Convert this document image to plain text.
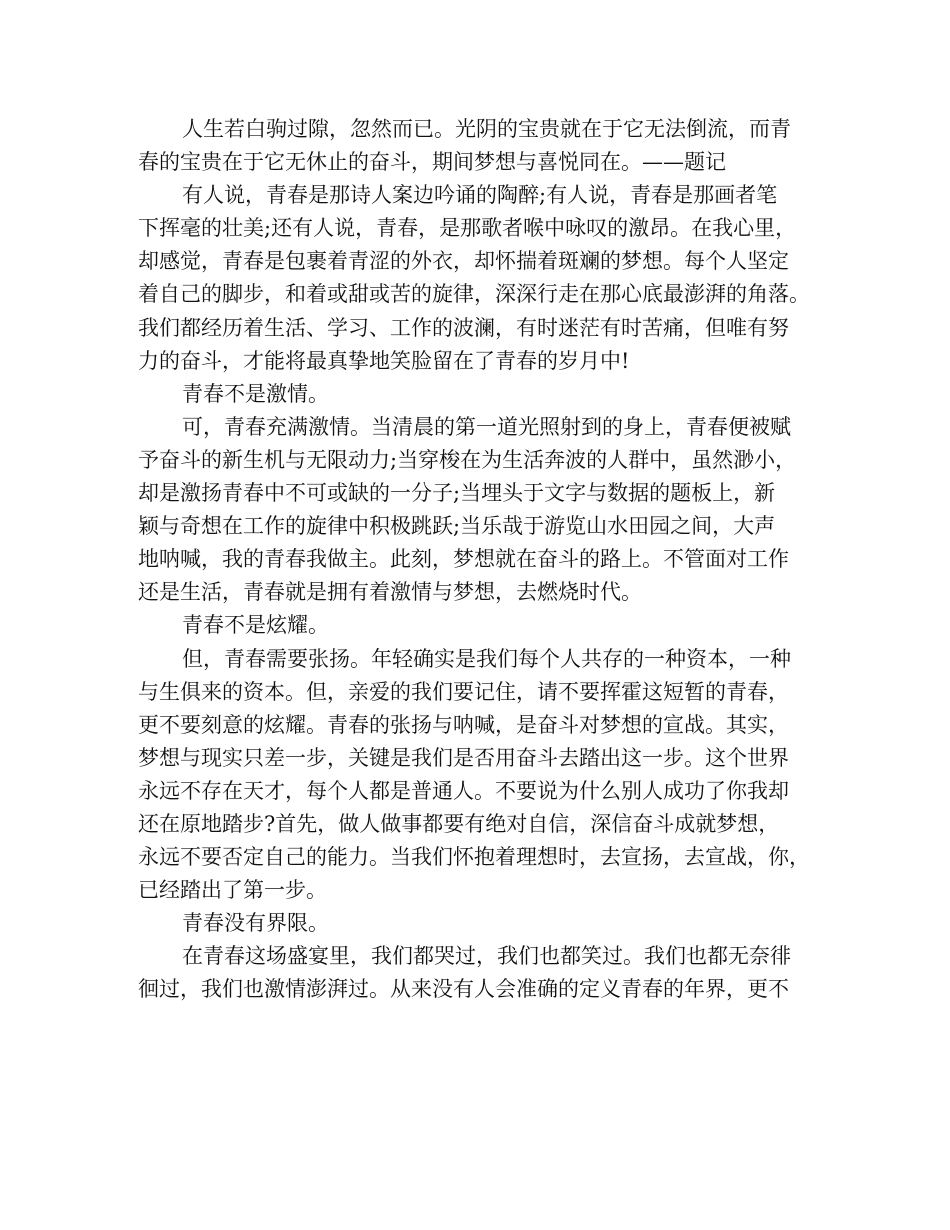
人生若白驹过隙，忽然而已。光阴的宝贵就在于它无法倒流，而青
春的宝贵在于它无休止的奋斗，期间梦想与喜悦同在。——题记
有人说，青春是那诗人案边吟诵的陶醉;有人说，青春是那画者笔
下挥毫的壮美;还有人说，青春，是那歌者喉中咏叹的激昂。在我心里，
却感觉，青春是包裹着青涩的外衣，却怀揣着斑斓的梦想。每个人坚定
着自己的脚步，和着或甜或苦的旋律，深深行走在那心底最澎湃的角落。
我们都经历着生活、学习、工作的波澜，有时迷茫有时苦痛，但唯有努
力的奋斗，才能将最真挚地笑脸留在了青春的岁月中!
青春不是激情。
可，青春充满激情。当清晨的第一道光照射到的身上，青春便被赋
予奋斗的新生机与无限动力;当穿梭在为生活奔波的人群中，虽然渺小，
却是激扬青春中不可或缺的一分子;当埋头于文字与数据的题板上，新
颖与奇想在工作的旋律中积极跳跃;当乐哉于游览山水田园之间，大声
地呐喊，我的青春我做主。此刻，梦想就在奋斗的路上。不管面对工作
还是生活，青春就是拥有着激情与梦想，去燃烧时代。
青春不是炫耀。
但，青春需要张扬。年轻确实是我们每个人共存的一种资本，一种
与生俱来的资本。但，亲爱的我们要记住，请不要挥霍这短暂的青春，
更不要刻意的炫耀。青春的张扬与呐喊，是奋斗对梦想的宣战。其实，
梦想与现实只差一步，关键是我们是否用奋斗去踏出这一步。这个世界
永远不存在天才，每个人都是普通人。不要说为什么别人成功了你我却
还在原地踏步?首先，做人做事都要有绝对自信，深信奋斗成就梦想，
永远不要否定自己的能力。当我们怀抱着理想时，去宣扬，去宣战，你，
已经踏出了第一步。
青春没有界限。
在青春这场盛宴里，我们都哭过，我们也都笑过。我们也都无奈徘
徊过，我们也激情澎湃过。从来没有人会准确的定义青春的年界，更不
